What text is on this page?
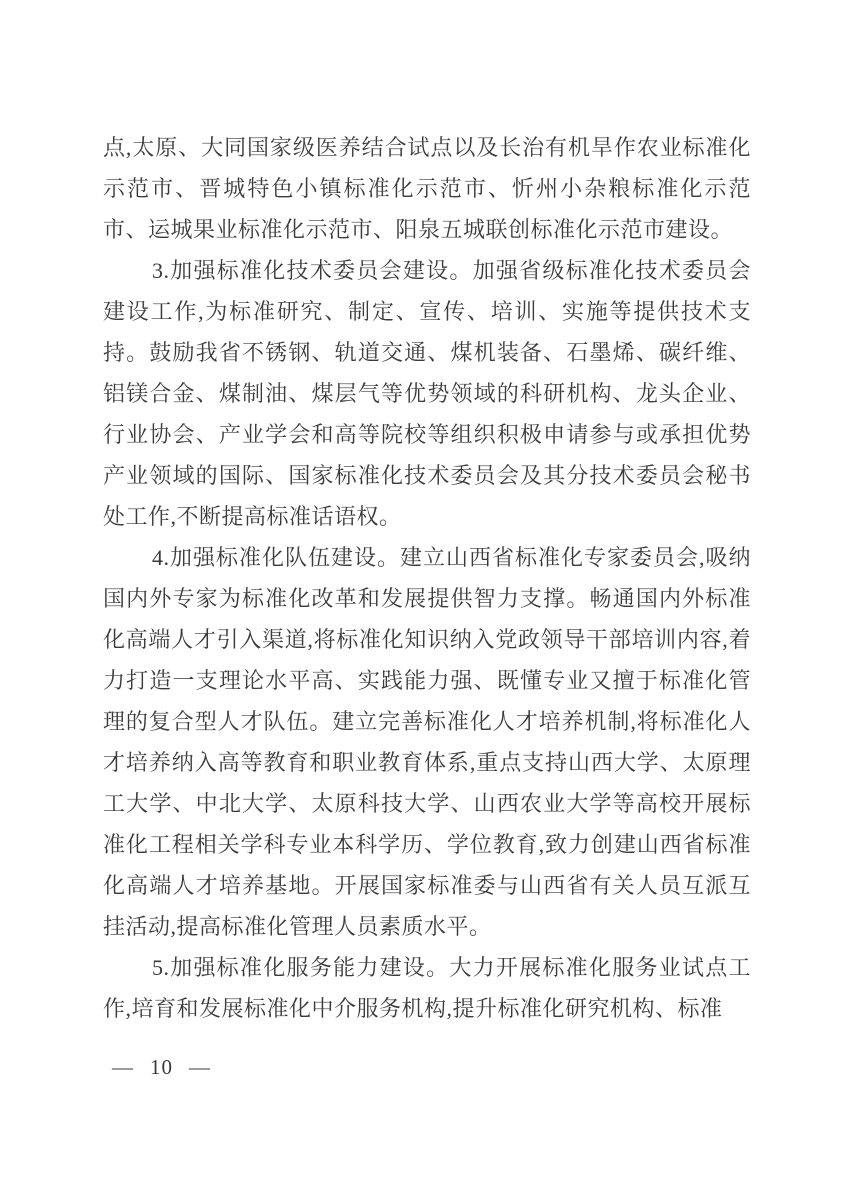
点,太原、大同国家级医养结合试点以及长治有机旱作农业标准化示范市、晋城特色小镇标准化示范市、忻州小杂粮标准化示范市、运城果业标准化示范市、阳泉五城联创标准化示范市建设。

3.加强标准化技术委员会建设。加强省级标准化技术委员会建设工作,为标准研究、制定、宣传、培训、实施等提供技术支持。鼓励我省不锈钢、轨道交通、煤机装备、石墨烯、碳纤维、铝镁合金、煤制油、煤层气等优势领域的科研机构、龙头企业、行业协会、产业学会和高等院校等组织积极申请参与或承担优势产业领域的国际、国家标准化技术委员会及其分技术委员会秘书处工作,不断提高标准话语权。

4.加强标准化队伍建设。建立山西省标准化专家委员会,吸纳国内外专家为标准化改革和发展提供智力支撑。畅通国内外标准化高端人才引入渠道,将标准化知识纳入党政领导干部培训内容,着力打造一支理论水平高、实践能力强、既懂专业又擅于标准化管理的复合型人才队伍。建立完善标准化人才培养机制,将标准化人才培养纳入高等教育和职业教育体系,重点支持山西大学、太原理工大学、中北大学、太原科技大学、山西农业大学等高校开展标准化工程相关学科专业本科学历、学位教育,致力创建山西省标准化高端人才培养基地。开展国家标准委与山西省有关人员互派互挂活动,提高标准化管理人员素质水平。

5.加强标准化服务能力建设。大力开展标准化服务业试点工作,培育和发展标准化中介服务机构,提升标准化研究机构、标准

— 10 —
